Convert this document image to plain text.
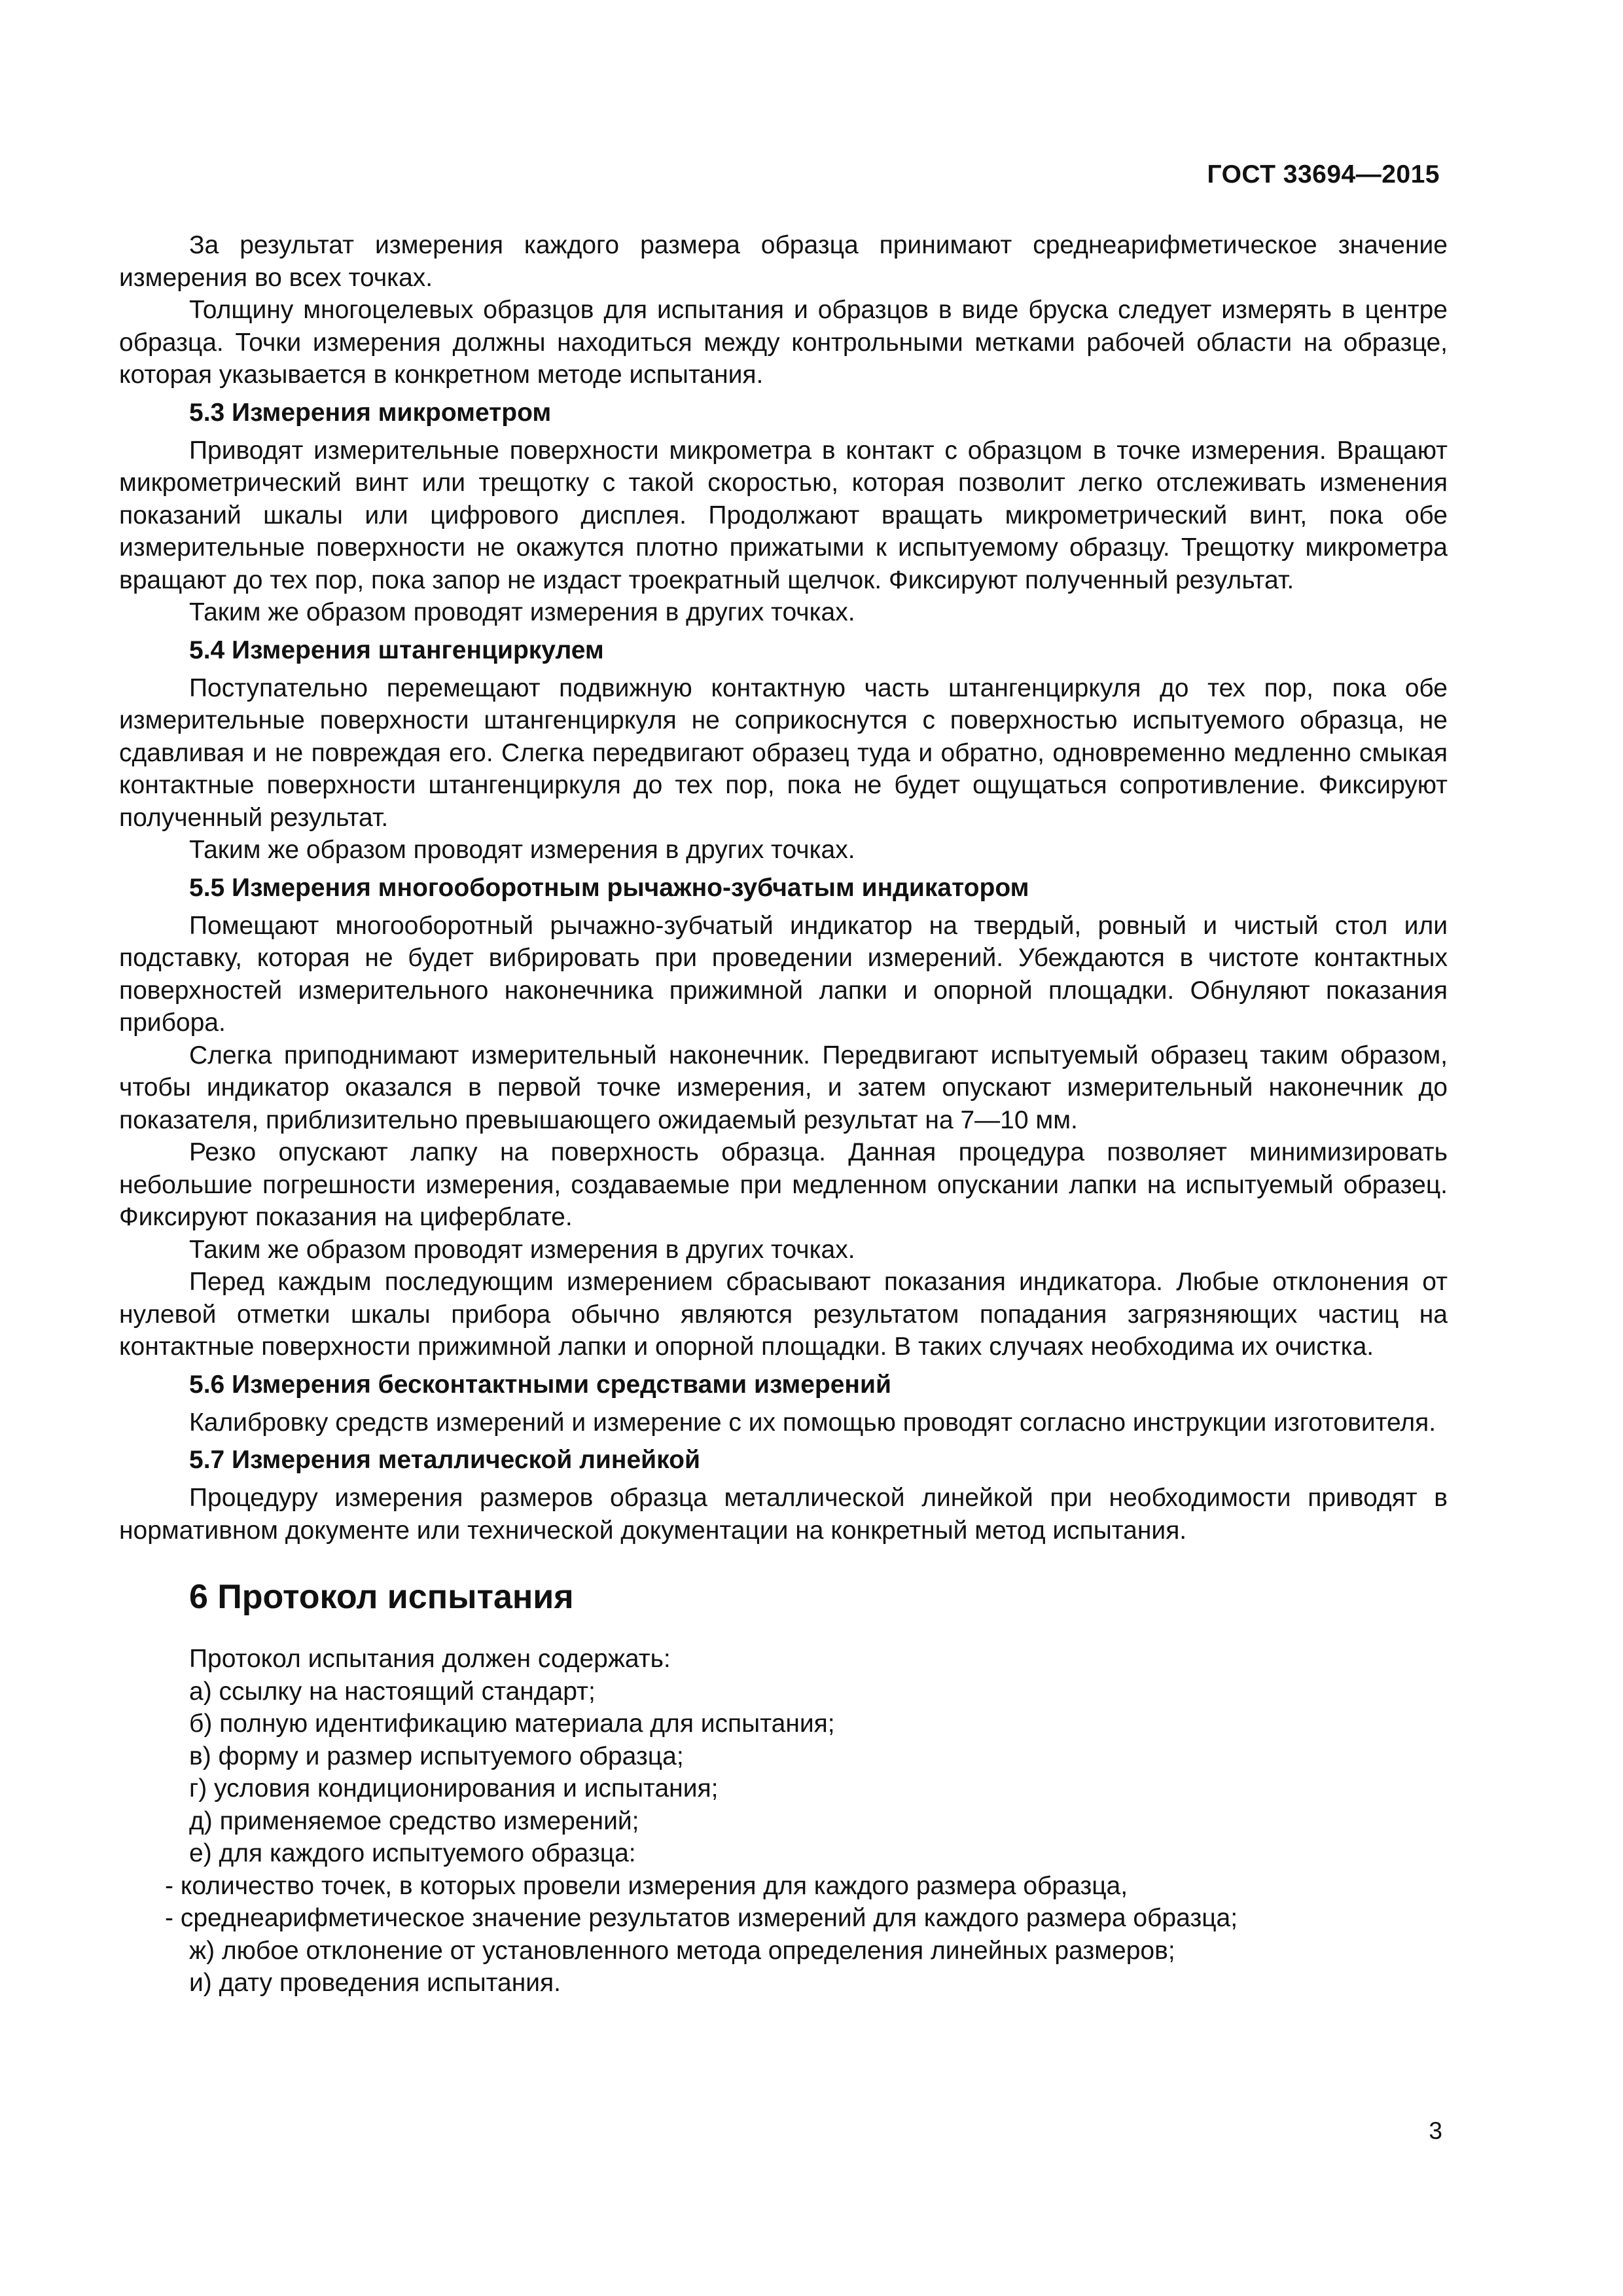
ГОСТ 33694—2015

За результат измерения каждого размера образца принимают среднеарифметическое значение измерения во всех точках.

Толщину многоцелевых образцов для испытания и образцов в виде бруска следует измерять в центре образца. Точки измерения должны находиться между контрольными метками рабочей области на образце, которая указывается в конкретном методе испытания.

5.3 Измерения микрометром

Приводят измерительные поверхности микрометра в контакт с образцом в точке измерения. Вращают микрометрический винт или трещотку с такой скоростью, которая позволит легко отслеживать изменения показаний шкалы или цифрового дисплея. Продолжают вращать микрометрический винт, пока обе измерительные поверхности не окажутся плотно прижатыми к испытуемому образцу. Трещотку микрометра вращают до тех пор, пока запор не издаст троекратный щелчок. Фиксируют полученный результат.

Таким же образом проводят измерения в других точках.

5.4 Измерения штангенциркулем

Поступательно перемещают подвижную контактную часть штангенциркуля до тех пор, пока обе измерительные поверхности штангенциркуля не соприкоснутся с поверхностью испытуемого образца, не сдавливая и не повреждая его. Слегка передвигают образец туда и обратно, одновременно медленно смыкая контактные поверхности штангенциркуля до тех пор, пока не будет ощущаться сопротивление. Фиксируют полученный результат.

Таким же образом проводят измерения в других точках.

5.5 Измерения многооборотным рычажно-зубчатым индикатором

Помещают многооборотный рычажно-зубчатый индикатор на твердый, ровный и чистый стол или подставку, которая не будет вибрировать при проведении измерений. Убеждаются в чистоте контактных поверхностей измерительного наконечника прижимной лапки и опорной площадки. Обнуляют показания прибора.

Слегка приподнимают измерительный наконечник. Передвигают испытуемый образец таким образом, чтобы индикатор оказался в первой точке измерения, и затем опускают измерительный наконечник до показателя, приблизительно превышающего ожидаемый результат на 7—10 мм.

Резко опускают лапку на поверхность образца. Данная процедура позволяет минимизировать небольшие погрешности измерения, создаваемые при медленном опускании лапки на испытуемый образец. Фиксируют показания на циферблате.

Таким же образом проводят измерения в других точках.

Перед каждым последующим измерением сбрасывают показания индикатора. Любые отклонения от нулевой отметки шкалы прибора обычно являются результатом попадания загрязняющих частиц на контактные поверхности прижимной лапки и опорной площадки. В таких случаях необходима их очистка.

5.6 Измерения бесконтактными средствами измерений

Калибровку средств измерений и измерение с их помощью проводят согласно инструкции изготовителя.

5.7 Измерения металлической линейкой

Процедуру измерения размеров образца металлической линейкой при необходимости приводят в нормативном документе или технической документации на конкретный метод испытания.

6 Протокол испытания

Протокол испытания должен содержать:

а) ссылку на настоящий стандарт;
б) полную идентификацию материала для испытания;
в) форму и размер испытуемого образца;
г) условия кондиционирования и испытания;
д) применяемое средство измерений;
е) для каждого испытуемого образца:
- количество точек, в которых провели измерения для каждого размера образца,
- среднеарифметическое значение результатов измерений для каждого размера образца;
ж) любое отклонение от установленного метода определения линейных размеров;
и) дату проведения испытания.
3
